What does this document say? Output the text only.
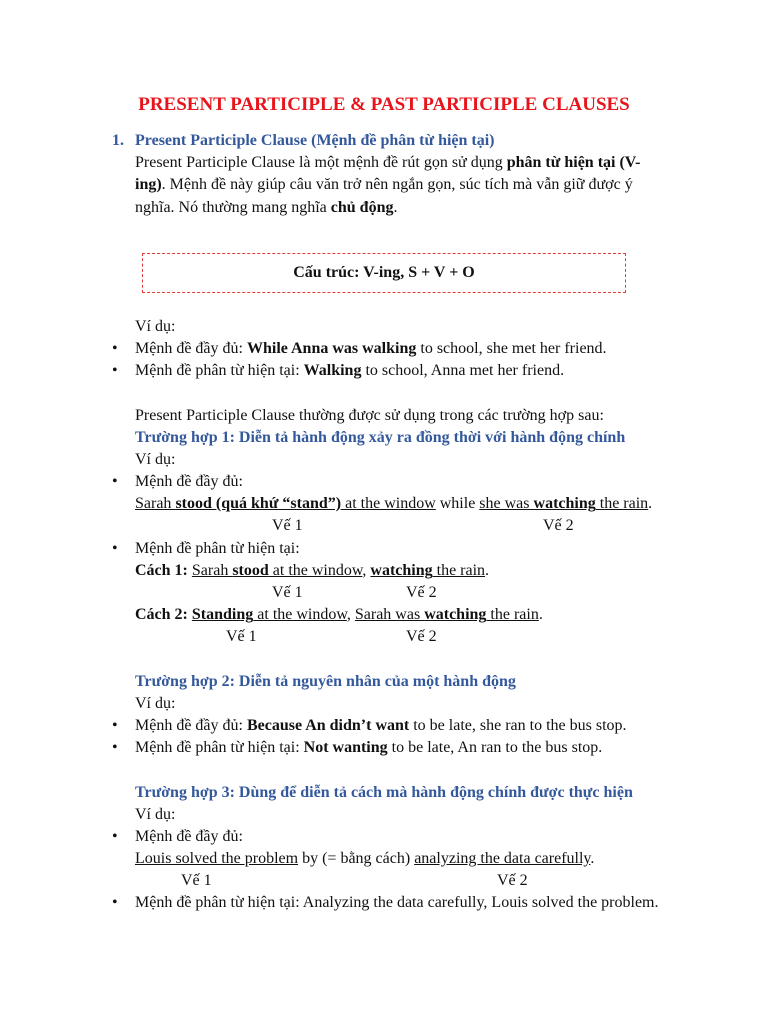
PRESENT PARTICIPLE & PAST PARTICIPLE CLAUSES
1. Present Participle Clause (Mệnh đề phân từ hiện tại)
Present Participle Clause là một mệnh đề rút gọn sử dụng phân từ hiện tại (V-ing). Mệnh đề này giúp câu văn trở nên ngắn gọn, súc tích mà vẫn giữ được ý nghĩa. Nó thường mang nghĩa chủ động.
Cấu trúc: V-ing, S + V + O
Ví dụ:
• Mệnh đề đầy đủ: While Anna was walking to school, she met her friend.
• Mệnh đề phân từ hiện tại: Walking to school, Anna met her friend.
Present Participle Clause thường được sử dụng trong các trường hợp sau:
Trường hợp 1: Diễn tả hành động xảy ra đồng thời với hành động chính
Ví dụ:
• Mệnh đề đầy đủ:
Sarah stood (quá khứ “stand”) at the window while she was watching the rain.
Vế 1	Vế 2
• Mệnh đề phân từ hiện tại:
Cách 1: Sarah stood at the window, watching the rain.
Vế 1	Vế 2
Cách 2: Standing at the window, Sarah was watching the rain.
Vế 1	Vế 2
Trường hợp 2: Diễn tả nguyên nhân của một hành động
Ví dụ:
• Mệnh đề đầy đủ: Because An didn’t want to be late, she ran to the bus stop.
• Mệnh đề phân từ hiện tại: Not wanting to be late, An ran to the bus stop.
Trường hợp 3: Dùng để diễn tả cách mà hành động chính được thực hiện
Ví dụ:
• Mệnh đề đầy đủ:
Louis solved the problem by (= bằng cách) analyzing the data carefully.
Vế 1	Vế 2
• Mệnh đề phân từ hiện tại: Analyzing the data carefully, Louis solved the problem.
